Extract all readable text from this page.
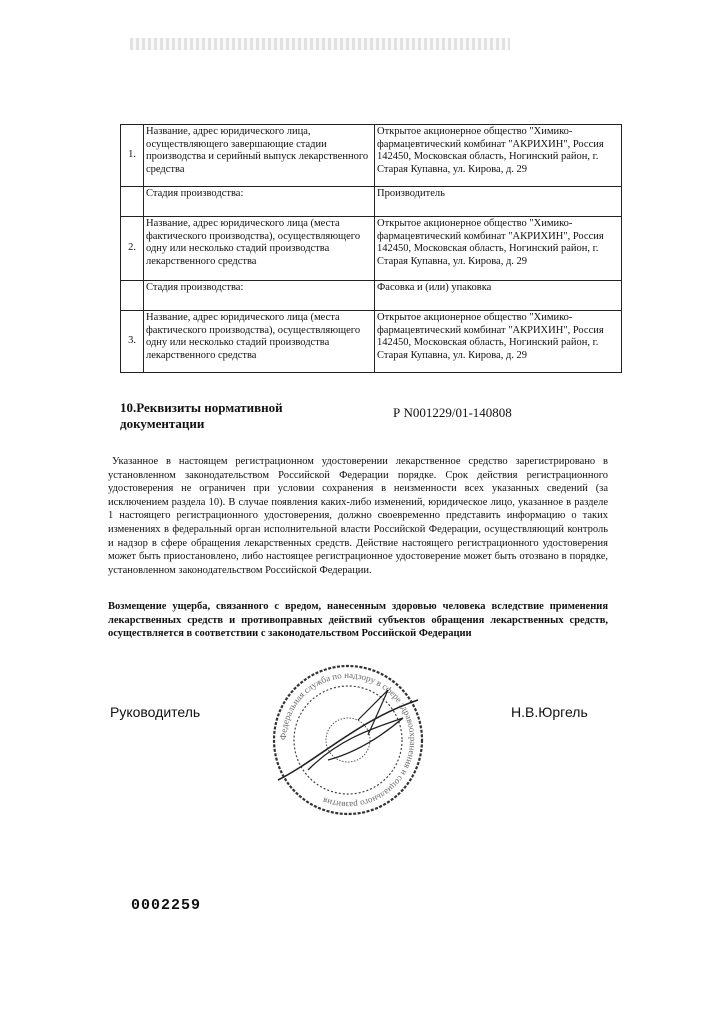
1.	Название, адрес юридического лица, осуществляющего завершающие стадии производства и серийный выпуск лекарственного средства	Открытое акционерное общество "Химико-фармацевтический комбинат "АКРИХИН", Россия 142450, Московская область, Ногинский район, г. Старая Купавна, ул. Кирова, д. 29
	Стадия производства:	Производитель
2.	Название, адрес юридического лица (места фактического производства), осуществляющего одну или несколько стадий производства лекарственного средства	Открытое акционерное общество "Химико-фармацевтический комбинат "АКРИХИН", Россия 142450, Московская область, Ногинский район, г. Старая Купавна, ул. Кирова, д. 29
	Стадия производства:	Фасовка и (или) упаковка
3.	Название, адрес юридического лица (места фактического производства), осуществляющего одну или несколько стадий производства лекарственного средства	Открытое акционерное общество "Химико-фармацевтический комбинат "АКРИХИН", Россия 142450, Московская область, Ногинский район, г. Старая Купавна, ул. Кирова, д. 29
10.Реквизиты нормативной документации
Р N001229/01-140808
Указанное в настоящем регистрационном удостоверении лекарственное средство зарегистрировано в установленном законодательством Российской Федерации порядке. Срок действия регистрационного удостоверения не ограничен при условии сохранения в неизменности всех указанных сведений (за исключением раздела 10). В случае появления каких-либо изменений, юридическое лицо, указанное в разделе 1 настоящего регистрационного удостоверения, должно своевременно представить информацию о таких изменениях в федеральный орган исполнительной власти Российской Федерации, осуществляющий контроль и надзор в сфере обращения лекарственных средств. Действие настоящего регистрационного удостоверения может быть приостановлено, либо настоящее регистрационное удостоверение может быть отозвано в порядке, установленном законодательством Российской Федерации.
Возмещение ущерба, связанного с вредом, нанесенным здоровью человека вследствие применения лекарственных средств и противоправных действий субъектов обращения лекарственных средств, осуществляется в соответствии с законодательством Российской Федерации
Руководитель	Н.В.Юргель
Федеральная служба по надзору в сфере здравоохранения и социального развития
0002259
